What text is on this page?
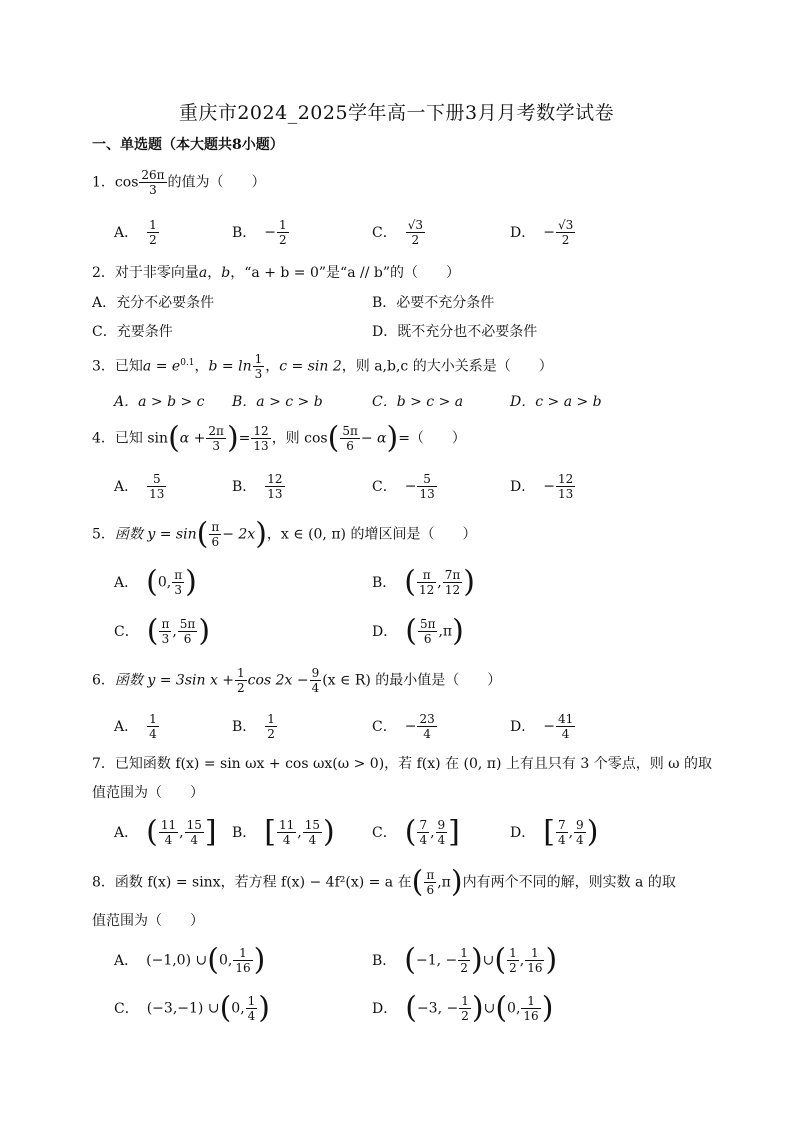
重庆市2024_2025学年高一下册3月月考数学试卷
一、单选题（本大题共8小题）
1．$\cos \frac{26\pi}{3}$ 的值为（　　）
A． $\frac{1}{2}$	B． − $\frac{1}{2}$	C． $\frac{√3}{2}$	D． − $\frac{√3}{2}$
2．对于非零向量a，b，“a + b = 0”是“a // b”的（　　）
A．充分不必要条件	B．必要不充分条件
C．充要条件	D．既不充分也不必要条件
3．已知$a = e^{0.1}$，$b = \ln \frac{1}{3}$ ，c = sin 2，则 a,b,c 的大小关系是（　　）
A．a > b > c B．a > c > b	C．b > c > a	D．c > a > b
4．已知 $\sin(\alpha + \frac{2\pi}{3}$ )= $\frac{12}{13}$ ，则 $\cos( \frac{5\pi}{6} - \alpha)=$（　　）
A． $\frac{5}{13}$	B． $\frac{12}{13}$	C． − $\frac{5}{13}$	D． − $\frac{12}{13}$
5．函数 $y = \sin( \frac{\pi}{6} - 2x)$，x ∈ (0, π) 的增区间是（　　）
A． (0, $\frac{\pi}{3}$ )	B． ( $\frac{\pi}{12}$ , $\frac{7\pi}{12}$ )
C． ( $\frac{\pi}{3}$ , $\frac{5\pi}{6}$ )	D． ( $\frac{5\pi}{6} ,\pi$)
6．函数 y = 3sin $x + \frac{1}{2}$ $\cos 2x - \frac{9}{4} (x$ ∈ R) 的最小值是（　　）
A． $\frac{1}{4}$	B． $\frac{1}{2}$	C． − $\frac{23}{4}$	D． − $\frac{41}{4}$
7．已知函数 f(x) = sin ωx + cos ωx(ω > 0)，若 f(x) 在 (0, π) 上有且只有 3 个零点，则 ω 的取
值范围为（　　）
A． ( $\frac{11}{4}$ , $\frac{15}{4}$ ] B． [ $\frac{11}{4}$ , $\frac{15}{4}$ )	C． ( $\frac{7}{4}$ , $\frac{9}{4}$ ]	D． [ $\frac{7}{4}$ , $\frac{9}{4}$ )
8．函数 f(x) = sinx，若方程 f(x) − 4f²(x) = a 在( $\frac{\pi}{6} ,\pi$)内有两个不同的解，则实数 a 的取
值范围为（　　）
A． (−1,0) ∪(0, $\frac{1}{16}$ )	B． (−1, − $\frac{1}{2}$ )∪( $\frac{1}{2}$ , $\frac{1}{16}$ )
C． (−3,−1) ∪(0, $\frac{1}{4}$ )	D． (−3, − $\frac{1}{2}$ )∪(0, $\frac{1}{16}$ )
